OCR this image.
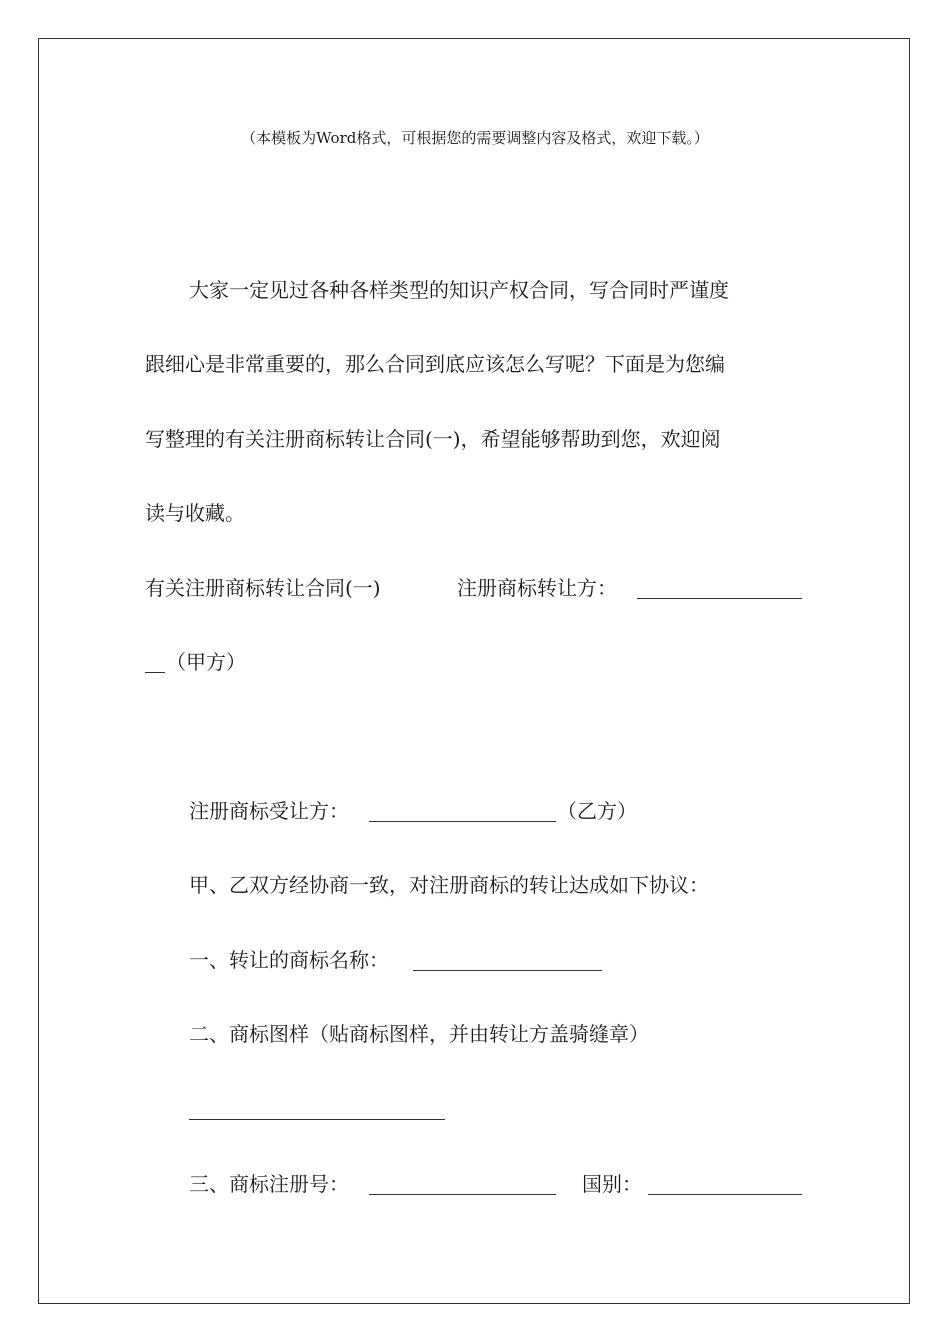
（本模板为Word格式，可根据您的需要调整内容及格式，欢迎下载。）
大家一定见过各种各样类型的知识产权合同，写合同时严谨度
跟细心是非常重要的，那么合同到底应该怎么写呢？下面是为您编
写整理的有关注册商标转让合同(一)，希望能够帮助到您，欢迎阅
读与收藏。
有关注册商标转让合同(一)	注册商标转让方：
（甲方）
注册商标受让方：	（乙方）
甲、乙双方经协商一致，对注册商标的转让达成如下协议：
一、转让的商标名称：
二、商标图样（贴商标图样，并由转让方盖骑缝章）
三、商标注册号：	国别：
